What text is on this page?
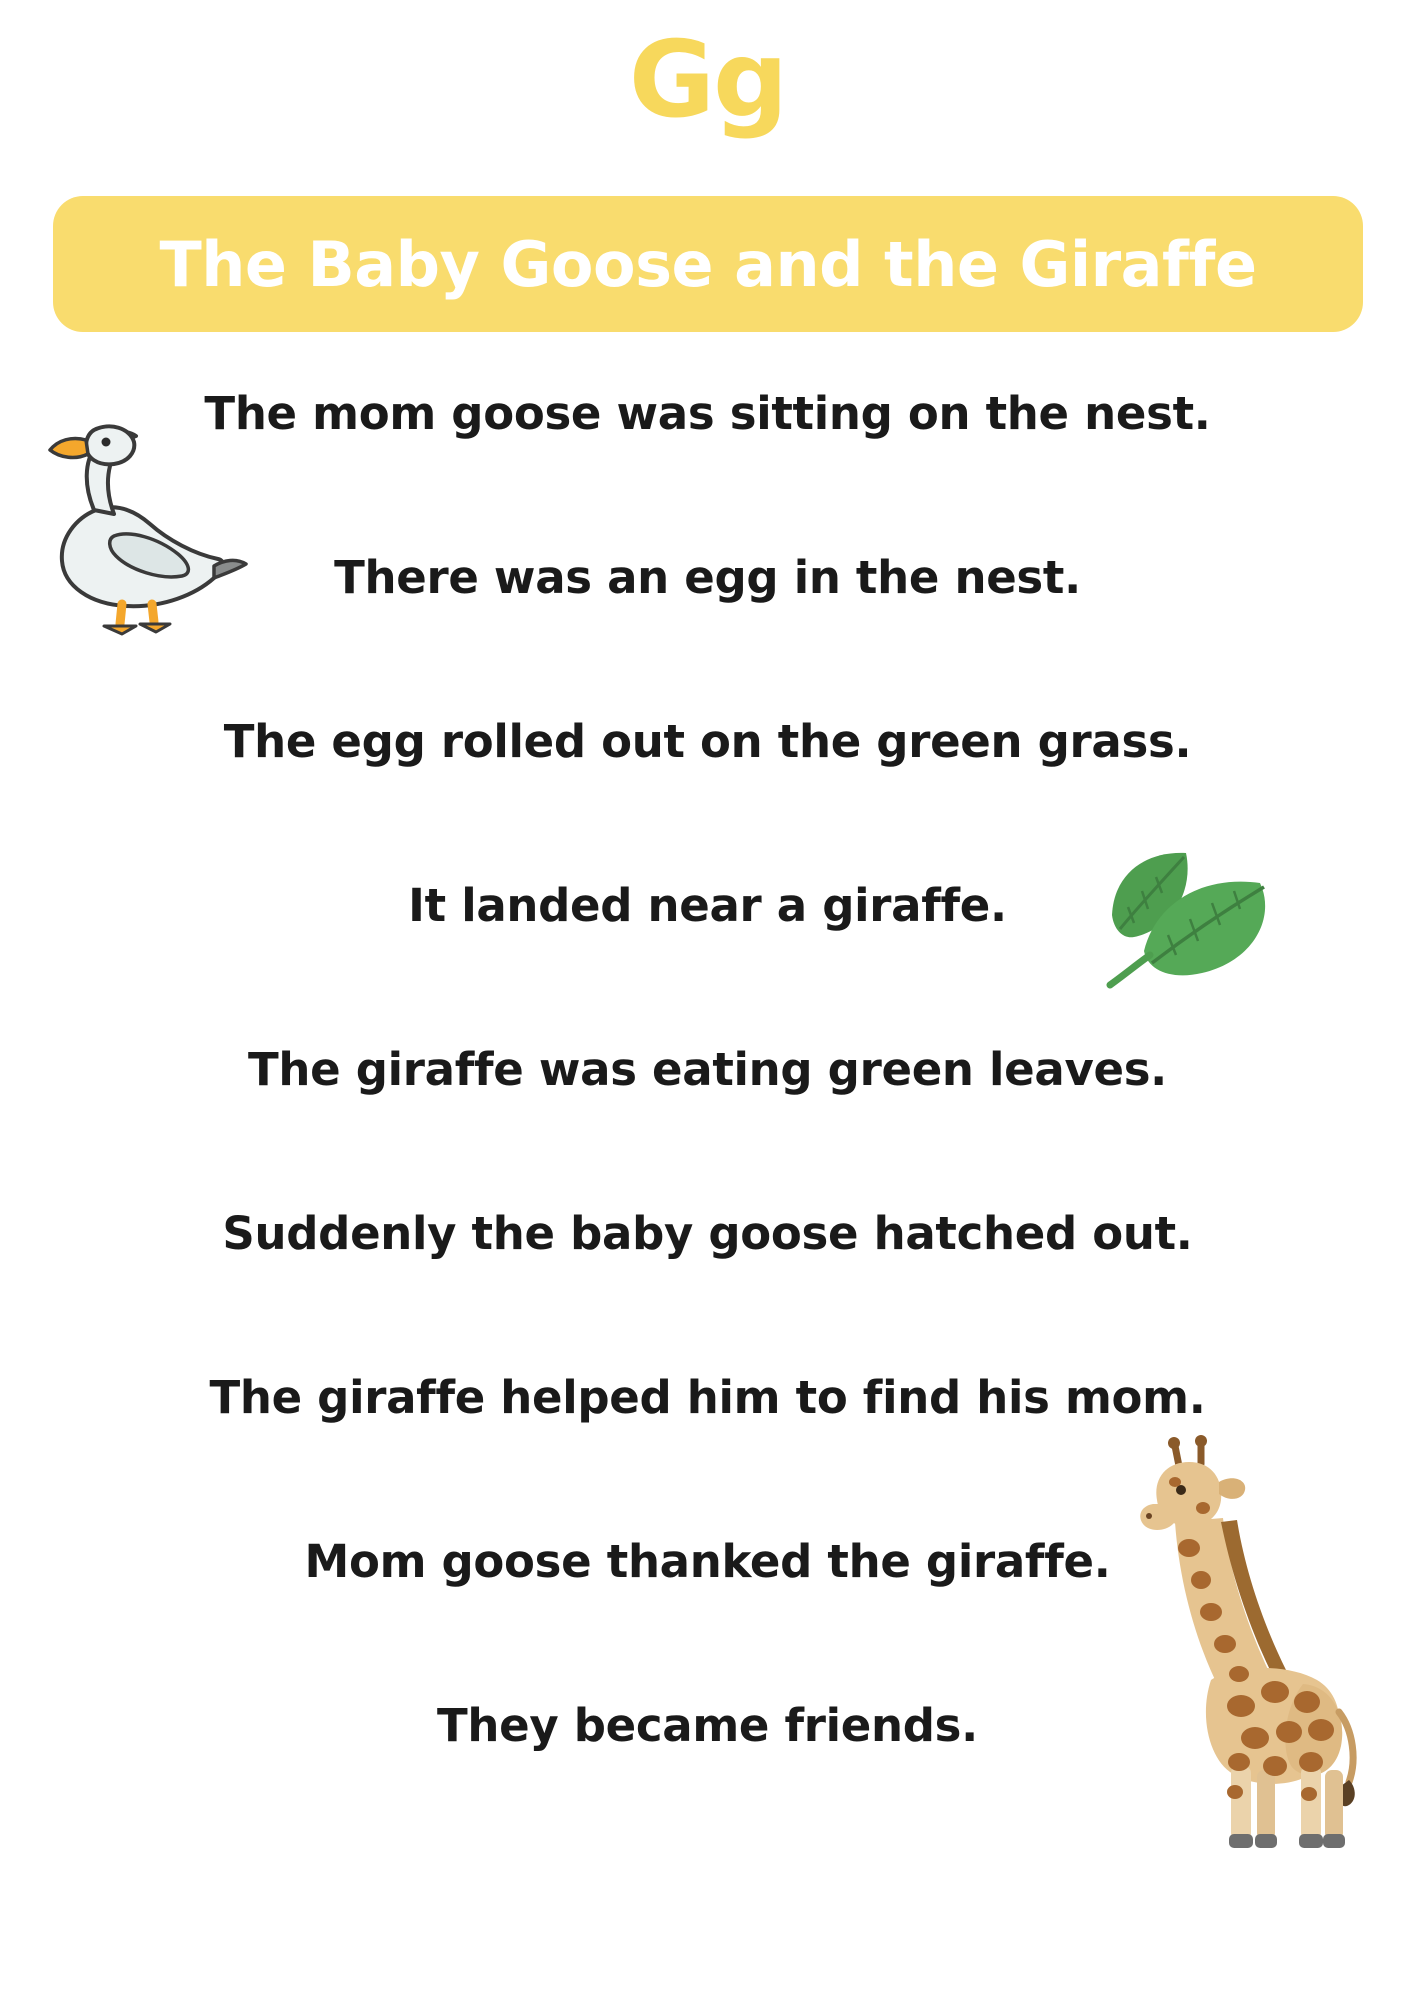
Gg
The Baby Goose and the Giraffe
The mom goose was sitting on the nest.
There was an egg in the nest.
The egg rolled out on the green grass.
It landed near a giraffe.
The giraffe was eating green leaves.
Suddenly the baby goose hatched out.
The giraffe helped him to find his mom.
Mom goose thanked the giraffe.
They became friends.
